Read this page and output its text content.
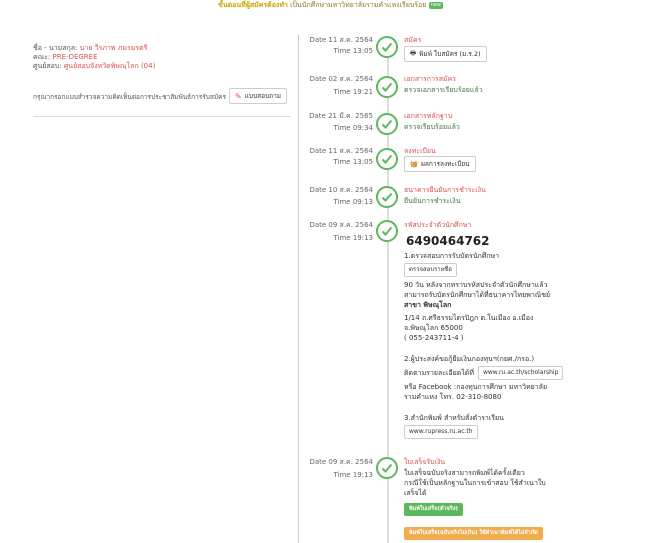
ขั้นตอนที่ผู้สมัครต้องทำ เป็นนักศึกษามหาวิทยาลัยรามคำแหงเรียบร้อย new
ชื่อ - นามสกุล: นาย วีรภาพ ภมรมรตรี
คณะ: PRE-DEGREE
ศูนย์สอบ: ศูนย์สอบจังหวัดพิษณุโลก (04)
กรุณากรอกแบบสำรวจความคิดเห็นต่อการประชาสัมพันธ์การรับสมัคร ✎ แบบสอบถาม
Date 11 ส.ค. 2564
Time 13:05
สมัคร
🖶 พิมพ์ ใบสมัคร (ม.ร.2)
Date 02 ส.ค. 2564
Time 19:21
เอกสารการสมัคร
ตรวจเอกสารเรียบร้อยแล้ว
Date 21 มี.ค. 2565
Time 09:34
เอกสารหลักฐาน
ตรวจเรียบร้อยแล้ว
Date 11 ส.ค. 2564
Time 13:05
ลงทะเบียน
🧺 ผลการลงทะเบียน
Date 10 ส.ค. 2564
Time 09:13
ธนาคารยืนยันการชำระเงิน
ยืนยันการชำระเงิน
Date 09 ส.ค. 2564
Time 19:13
รหัสประจำตัวนักศึกษา
6490464762
1.ตรวจสอบการรับบัตรนักศึกษา
ตรวจสอบรายชื่อ
90 วัน หลังจากทราบรหัสประจำตัวนักศึกษาแล้ว
สามารถรับบัตรนักศึกษาได้ที่ธนาคารไทยพาณิชย์
สาขา พิษณุโลก
1/14 ถ.ศรีธรรมไตรปิฎก ต.ในเมือง อ.เมือง
จ.พิษณุโลก 65000
( 055-243711-4 )
2.ผู้ประสงค์ขอกู้ยืมเงินกองทุนฯ(กยศ./กรอ.)
ติดตามรายละเอียดได้ที่	www.ru.ac.th/scholarship
หรือ Facebook :กองทุนการศึกษา มหาวิทยาลัย
รามคำแหง โทร. 02-310-8080
3.สำนักพิมพ์ สำหรับสั่งตำราเรียน
www.rupress.ru.ac.th
Date 09 ส.ค. 2564
Time 19:13
ใบเสร็จรับเงิน
ใบเสร็จฉบับจริงสามารถพิมพ์ได้ครั้งเดียว
กรณีใช้เป็นหลักฐานในการเข้าสอบ ใช้สำเนาใบ
เสร็จได้
พิมพ์ใบเสร็จ(ตัวจริง)
พิมพ์ใบเสร็จ(ฉบับจริงไม่เกิน) ใช้สำเนาพิมพ์ได้ไม่จำกัด
